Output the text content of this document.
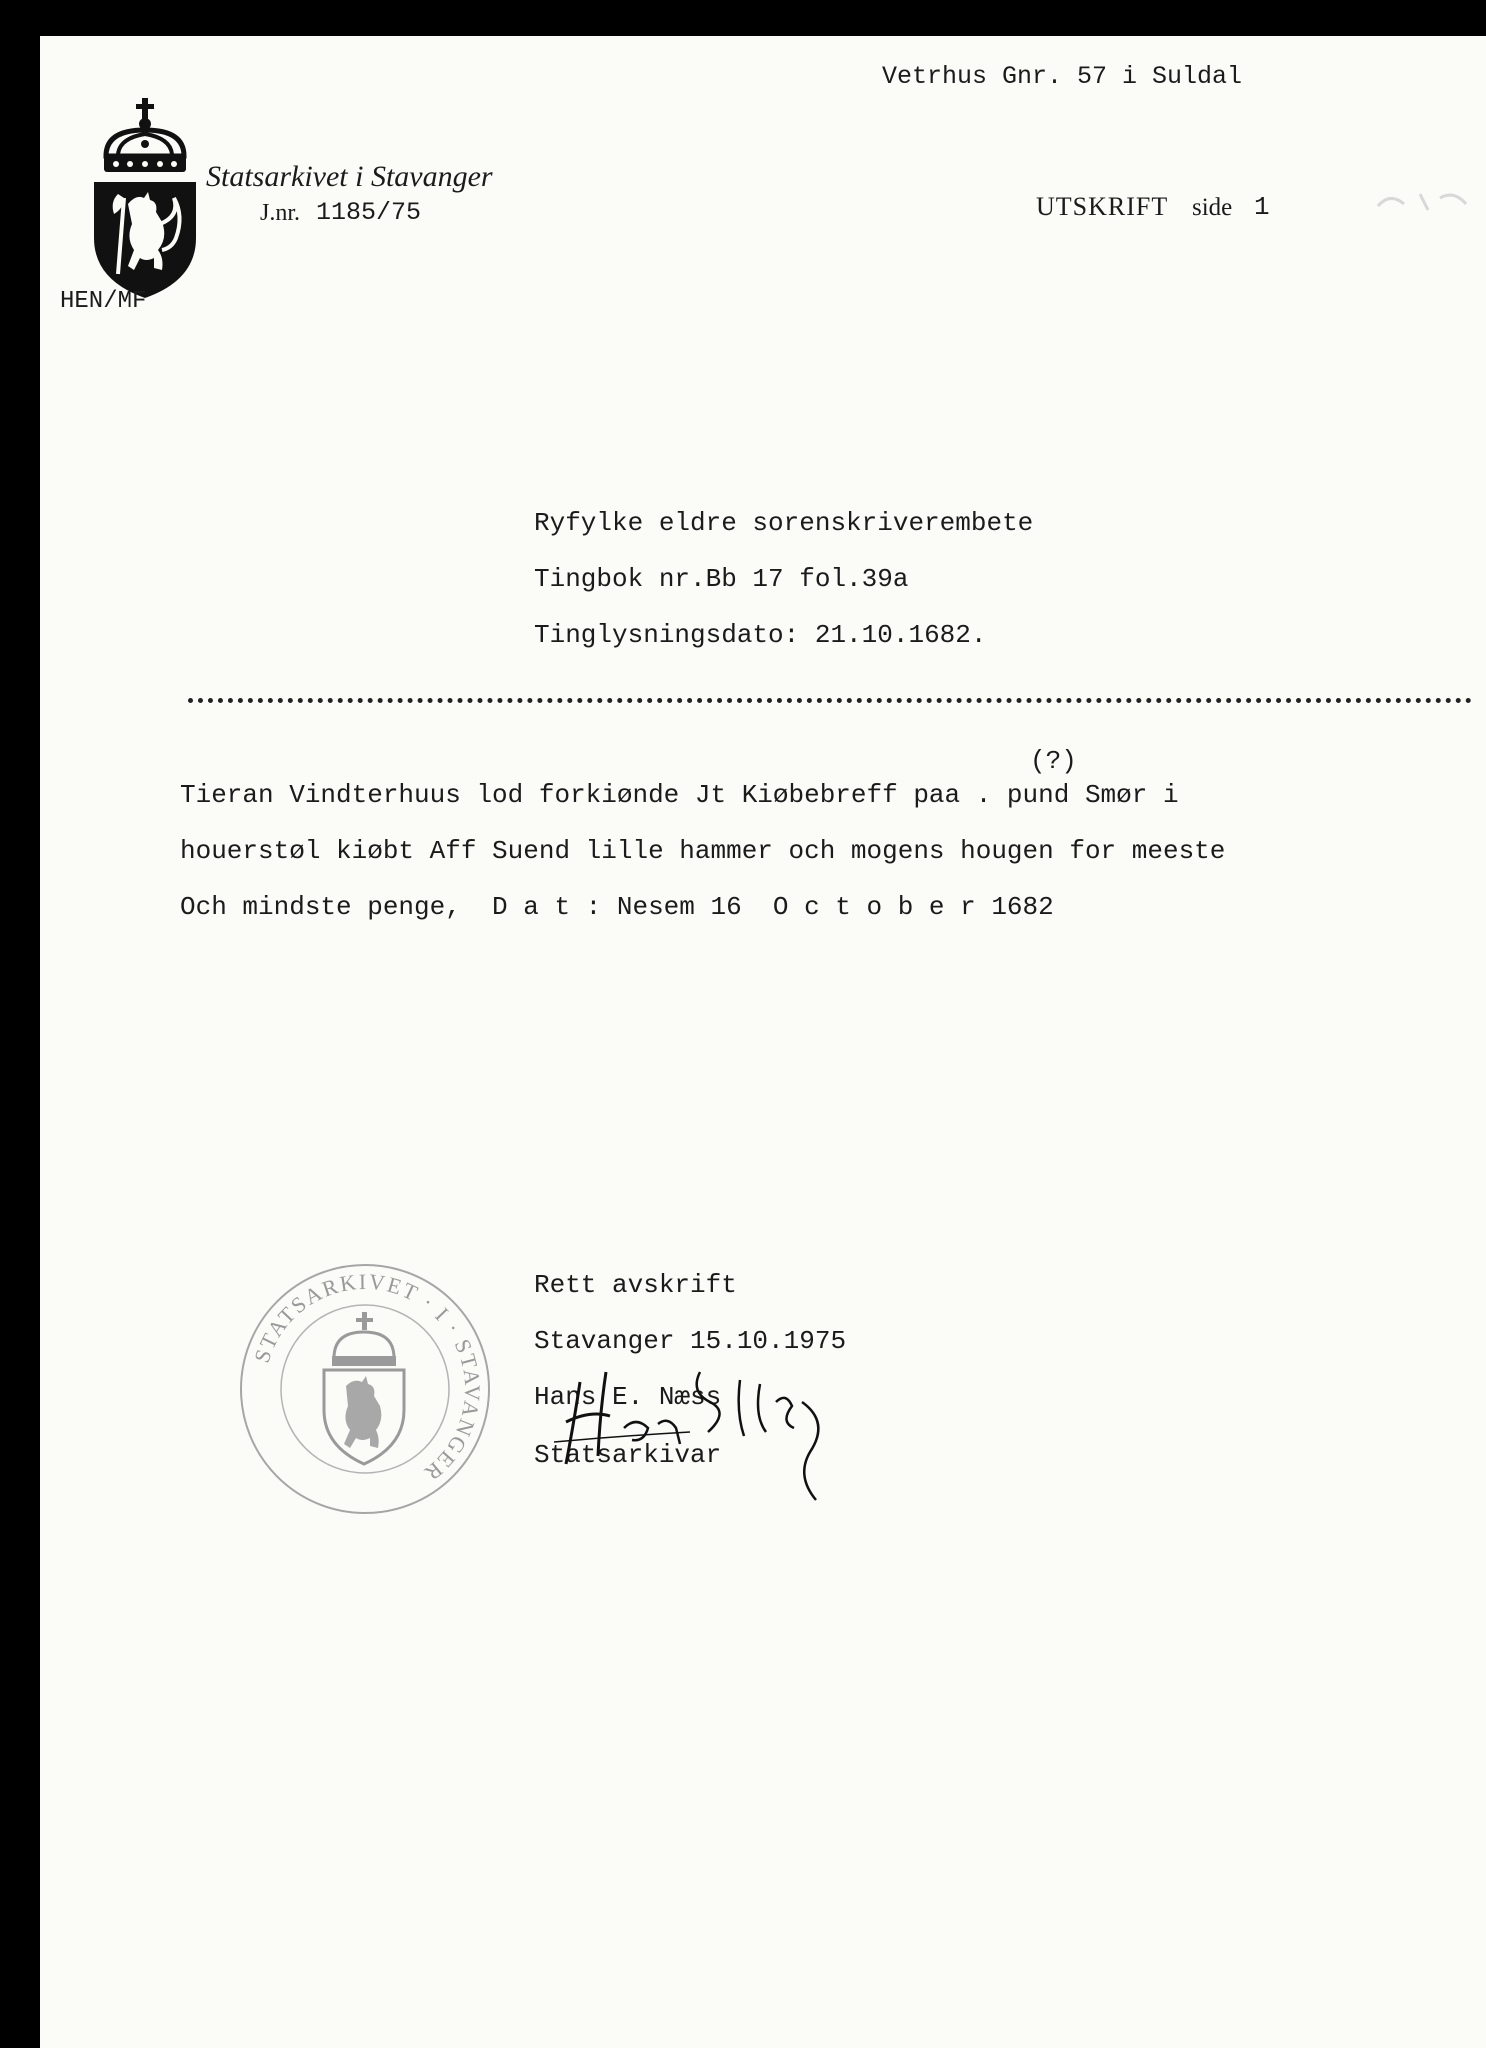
Vetrhus Gnr. 57 i Suldal
Statsarkivet i Stavanger
J.nr. 1185/75	UTSKRIFT side 1
HEN/MF
Ryfylke eldre sorenskriverembete
Tingbok nr.Bb 17 fol.39a
Tinglysningsdato: 21.10.1682.
(?)
Tieran Vindterhuus lod forkiønde Jt Kiøbebreff paa . pund Smør i
houerstøl kiøbt Aff Suend lille hammer och mogens hougen for meeste
Och mindste penge,  D a t : Nesem 16  O c t o b e r 1682
STATSARKIVET · I · STAVANGER
Rett avskrift
Stavanger 15.10.1975
Hans E. Næss
Statsarkivar
